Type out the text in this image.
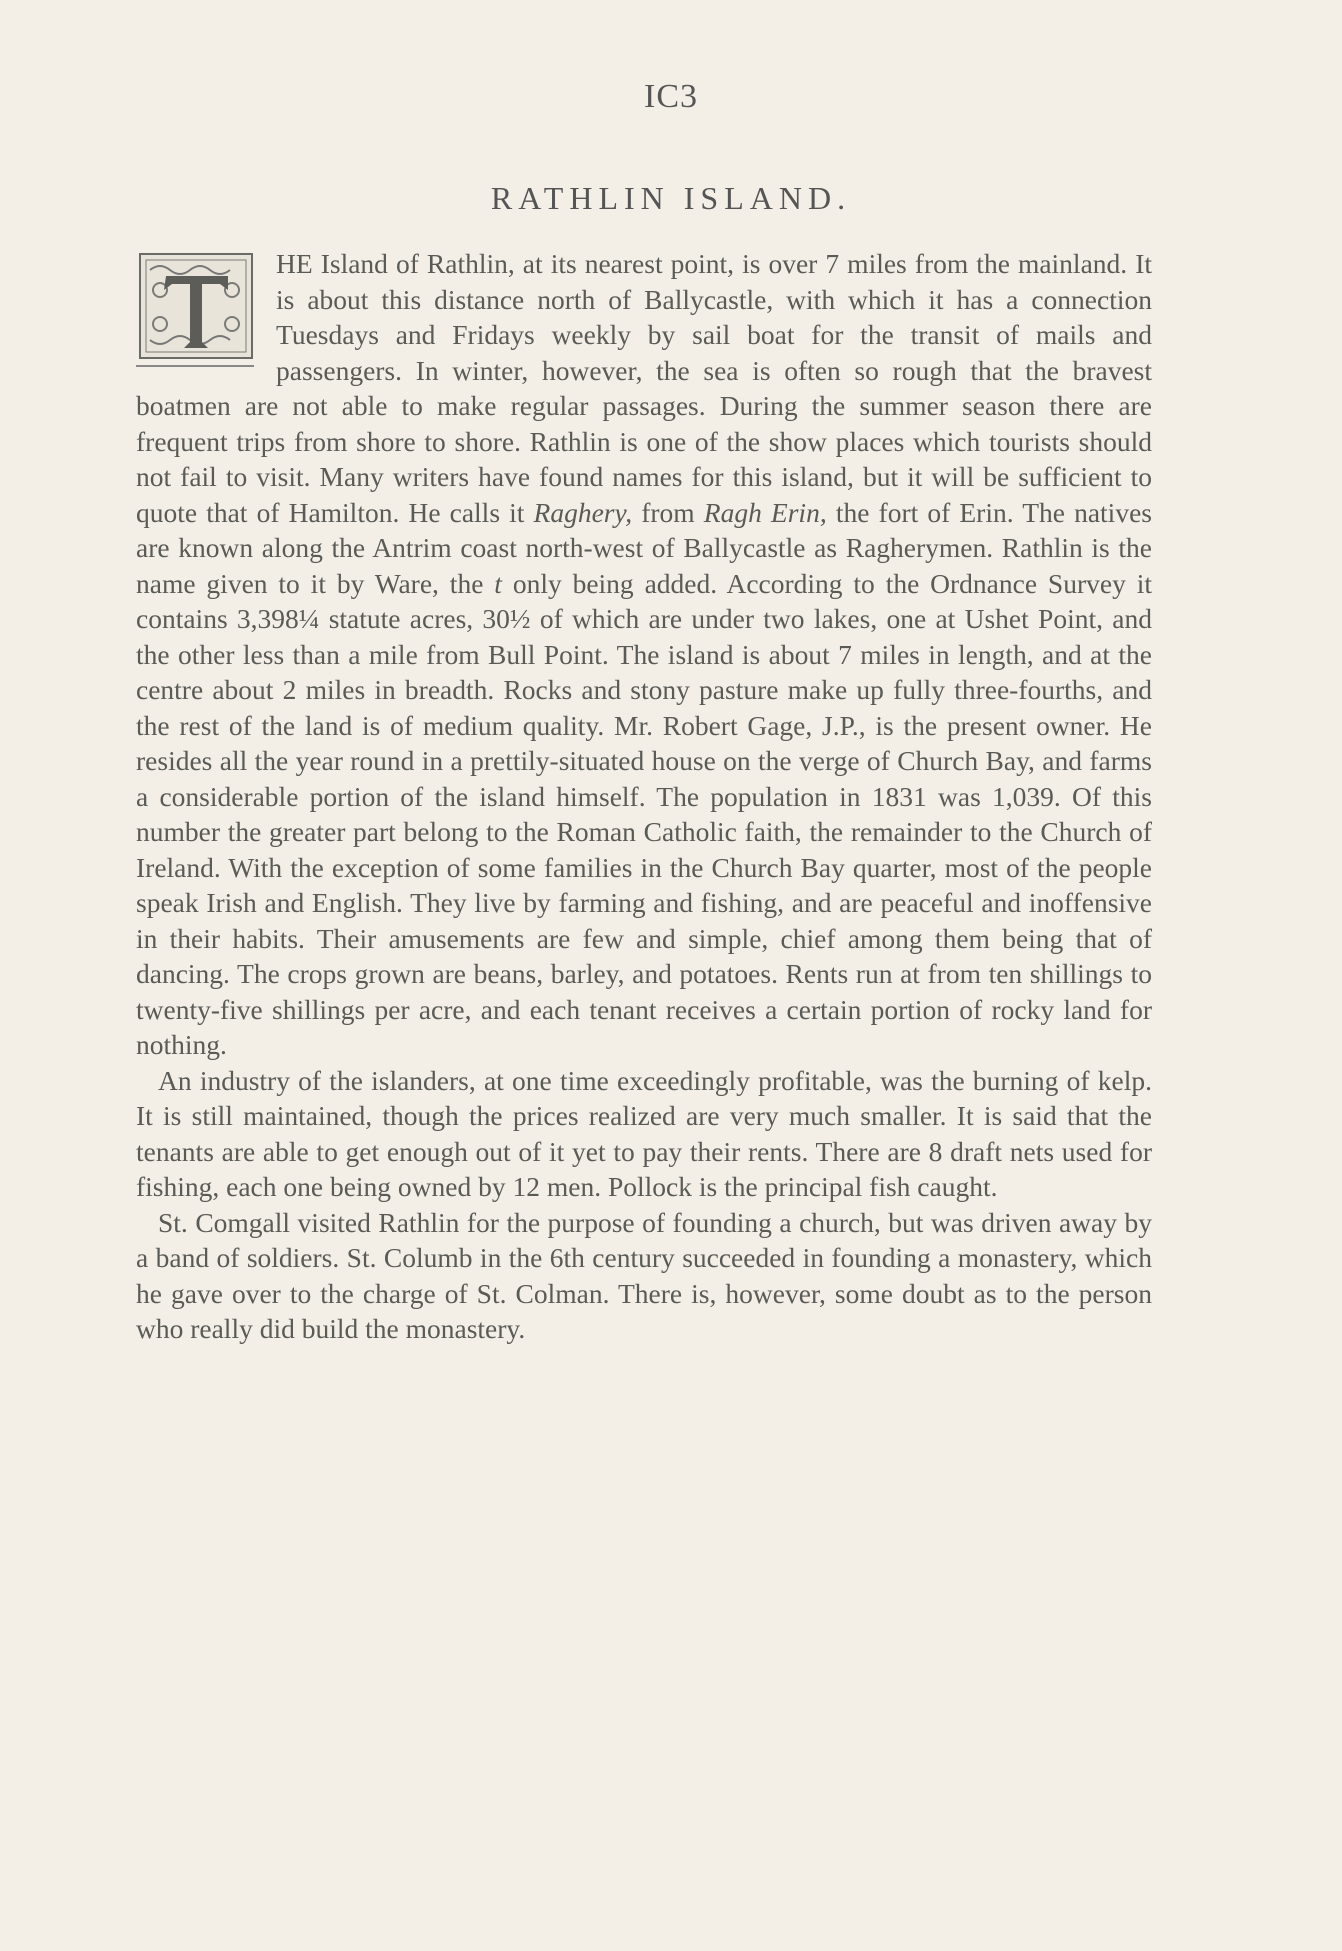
IC3
RATHLIN ISLAND.

HE Island of Rathlin, at its nearest point, is over 7 miles from the mainland. It is about this distance north of Ballycastle, with which it has a connection Tuesdays and Fridays weekly by sail boat for the transit of mails and passengers. In winter, however, the sea is often so rough that the bravest boatmen are not able to make regular passages. During the summer season there are frequent trips from shore to shore. Rathlin is one of the show places which tourists should not fail to visit. Many writers have found names for this island, but it will be sufficient to quote that of Hamilton. He calls it Raghery, from Ragh Erin, the fort of Erin. The natives are known along the Antrim coast north-west of Ballycastle as Ragherymen. Rathlin is the name given to it by Ware, the t only being added. According to the Ordnance Survey it contains 3,398¼ statute acres, 30½ of which are under two lakes, one at Ushet Point, and the other less than a mile from Bull Point. The island is about 7 miles in length, and at the centre about 2 miles in breadth. Rocks and stony pasture make up fully three-fourths, and the rest of the land is of medium quality. Mr. Robert Gage, J.P., is the present owner. He resides all the year round in a prettily-situated house on the verge of Church Bay, and farms a considerable portion of the island himself. The population in 1831 was 1,039. Of this number the greater part belong to the Roman Catholic faith, the remainder to the Church of Ireland. With the exception of some families in the Church Bay quarter, most of the people speak Irish and English. They live by farming and fishing, and are peaceful and inoffensive in their habits. Their amusements are few and simple, chief among them being that of dancing. The crops grown are beans, barley, and potatoes. Rents run at from ten shillings to twenty-five shillings per acre, and each tenant receives a certain portion of rocky land for nothing.

An industry of the islanders, at one time exceedingly profitable, was the burning of kelp. It is still maintained, though the prices realized are very much smaller. It is said that the tenants are able to get enough out of it yet to pay their rents. There are 8 draft nets used for fishing, each one being owned by 12 men. Pollock is the principal fish caught.

St. Comgall visited Rathlin for the purpose of founding a church, but was driven away by a band of soldiers. St. Columb in the 6th century succeeded in founding a monastery, which he gave over to the charge of St. Colman. There is, however, some doubt as to the person who really did build the monastery.
